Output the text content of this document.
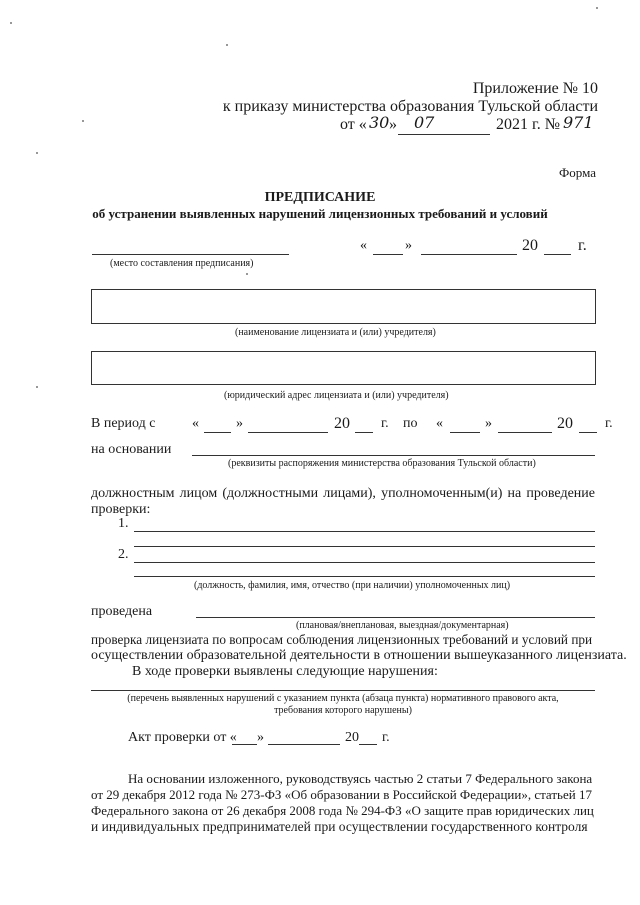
Приложение № 10
к приказу министерства образования Тульской области
от « 30 » 07	2021 г. № 971
Форма
ПРЕДПИСАНИЕ
об устранении выявленных нарушений лицензионных требований и условий
(место составления предписания)
«	»	20	г.
(наименование лицензиата и (или) учредителя)
(юридический адрес лицензиата и (или) учредителя)
В период с	«	»	20 г. по «	»	20 г.
на основании
(реквизиты распоряжения министерства образования Тульской области)
должностным лицом (должностными лицами), уполномоченным(и) на проведение
проверки:
1.
2.
(должность, фамилия, имя, отчество (при наличии) уполномоченных лиц)
проведена
(плановая/внеплановая, выездная/документарная)
проверка лицензиата по вопросам соблюдения лицензионных требований и условий при
осуществлении образовательной деятельности в отношении вышеуказанного лицензиата.
В ходе проверки выявлены следующие нарушения:
(перечень выявленных нарушений с указанием пункта (абзаца пункта) нормативного правового акта,
требования которого нарушены)
Акт проверки от « »	20 г.
На основании изложенного, руководствуясь частью 2 статьи 7 Федерального закона
от 29 декабря 2012 года № 273-ФЗ «Об образовании в Российской Федерации», статьей 17
Федерального закона от 26 декабря 2008 года № 294-ФЗ «О защите прав юридических лиц
и индивидуальных предпринимателей при осуществлении государственного контроля
